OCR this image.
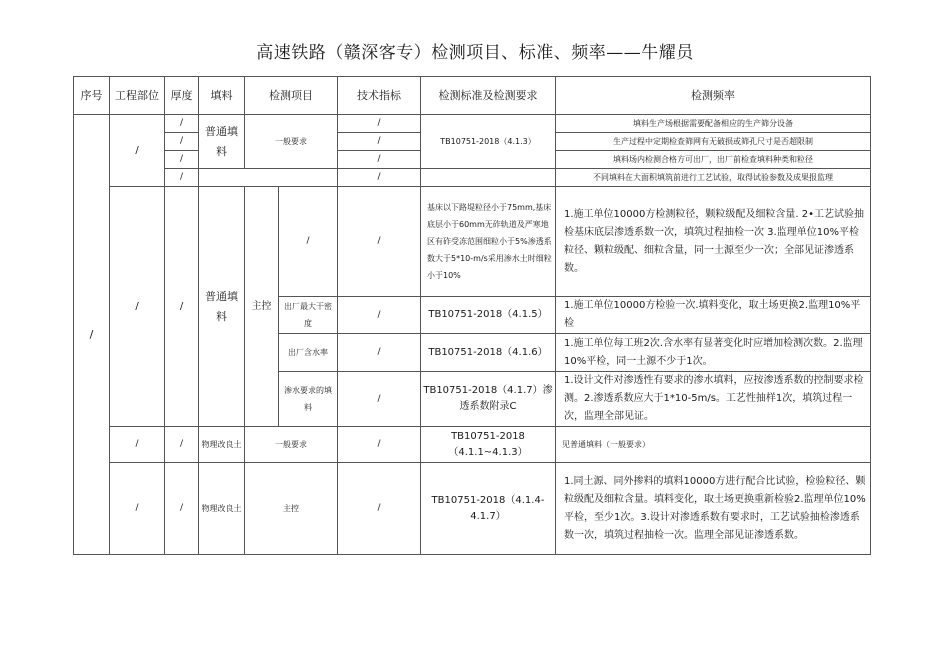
高速铁路（赣深客专）检测项目、标准、频率——牛耀员
序号	工程部位	厚度	填料	检测项目		技术指标	检测标准及检测要求	检测频率
/	/	/	普通填料	一般要求		/	TB10751-2018（4.1.3）	填料生产场根据需要配备相应的生产筛分设备
		/				/		生产过程中定期检查筛网有无破损或筛孔尺寸是否超限制
		/				/		填料场内检测合格方可出厂，出厂前检查填料种类和粒径
		/				/		不同填料在大面积填筑前进行工艺试验，取得试验参数及成果报监理
	/	/	普通填料	主控	/	/	基床以下路堤粒径小于75mm,基床底层小于60mm无砟轨道及严寒地区有砟受冻范围细粒小于5%渗透系数大于5*10-m/s采用渗水土时细粒小于10%	1.施工单位10000方检测粒径，颗粒级配及细粒含量. 2•工艺试验抽检基床底层渗透系数一次，填筑过程抽检一次 3.监理单位10%平检粒径、颗粒级配、细粒含量，同一土源至少一次；全部见证渗透系数。
					出厂最大干密度	/	TB10751-2018（4.1.5）	1.施工单位10000方检验一次.填料变化，取土场更换2.监理10%平检
					出厂含水率	/	TB10751-2018（4.1.6）	1.施工单位每工班2次.含水率有显著变化时应增加检测次数。2.监理10%平检，同一土源不少于1次。
					渗水要求的填料	/	TB10751-2018（4.1.7）渗透系数附录C	1.设计文件对渗透性有要求的渗水填料，应按渗透系数的控制要求检测。2.渗透系数应大于1*10-5m/s。工艺性抽样1次，填筑过程一次，监理全部见证。
	/	/	物理改良土	一般要求		/	TB10751-2018（4.1.1~4.1.3）	见普通填料（一般要求）
	/	/	物理改良土	主控		/	TB10751-2018（4.1.4-4.1.7）	1.同土源、同外掺料的填料10000方进行配合比试验，检验粒径、颗粒级配及细粒含量。填料变化，取土场更换重新检验2.监理单位10%平检，至少1次。3.设计对渗透系数有要求时，工艺试验抽检渗透系数一次，填筑过程抽检一次。监理全部见证渗透系数。
